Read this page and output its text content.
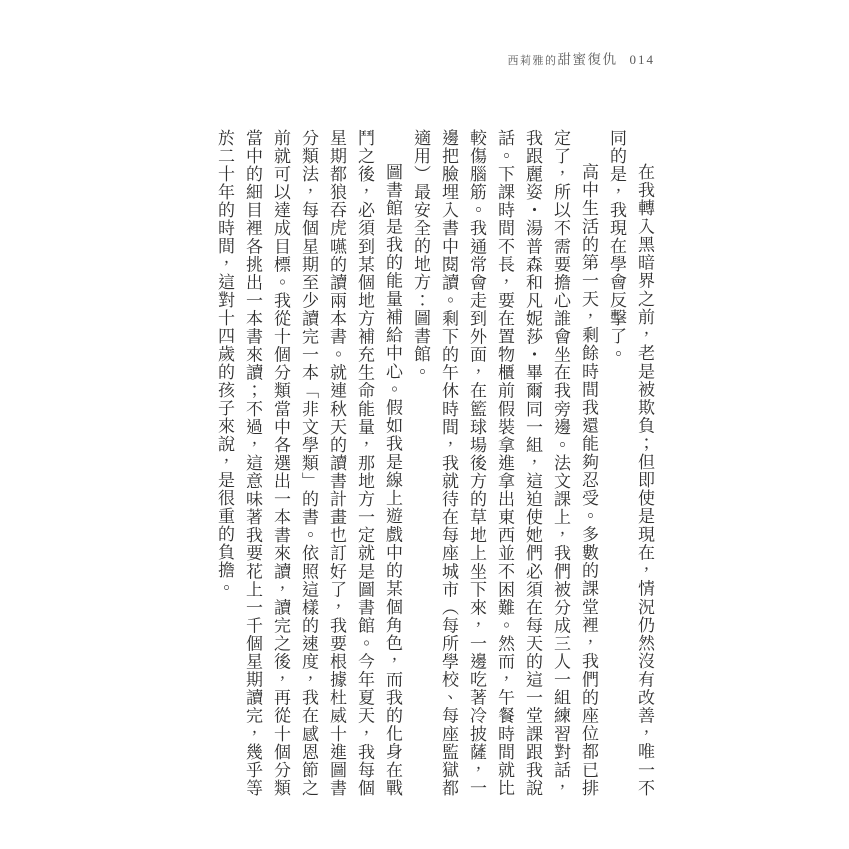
西莉雅的甜蜜復仇 014

在我轉入黑暗界之前，老是被欺負；但即使是現在，情況仍然沒有改善，唯一不同的是，我現在學會反擊了。

高中生活的第一天，剩餘時間我還能夠忍受。多數的課堂裡，我們的座位都已排定了，所以不需要擔心誰會坐在我旁邊。法文課上，我們被分成三人一組練習對話，我跟麗姿・湯普森和凡妮莎・畢爾同一組，這迫使她們必須在每天的這一堂課跟我說話。下課時間不長，要在置物櫃前假裝拿進拿出東西並不困難。然而，午餐時間就比較傷腦筋。我通常會走到外面，在籃球場後方的草地上坐下來，一邊吃著冷披薩，一邊把臉埋入書中閱讀。剩下的午休時間，我就待在每座城市（每所學校、每座監獄都適用）最安全的地方：圖書館。

圖書館是我的能量補給中心。假如我是線上遊戲中的某個角色，而我的化身在戰鬥之後，必須到某個地方補充生命能量，那地方一定就是圖書館。今年夏天，我每個星期都狼吞虎嚥的讀兩本書。就連秋天的讀書計畫也訂好了，我要根據杜威十進圖書分類法，每個星期至少讀完一本「非文學類」的書。依照這樣的速度，我在感恩節之前就可以達成目標。我從十個分類當中各選出一本書來讀，讀完之後，再從十個分類當中的細目裡各挑出一本書來讀；不過，這意味著我要花上一千個星期讀完，幾乎等於二十年的時間，這對十四歲的孩子來說，是很重的負擔。
